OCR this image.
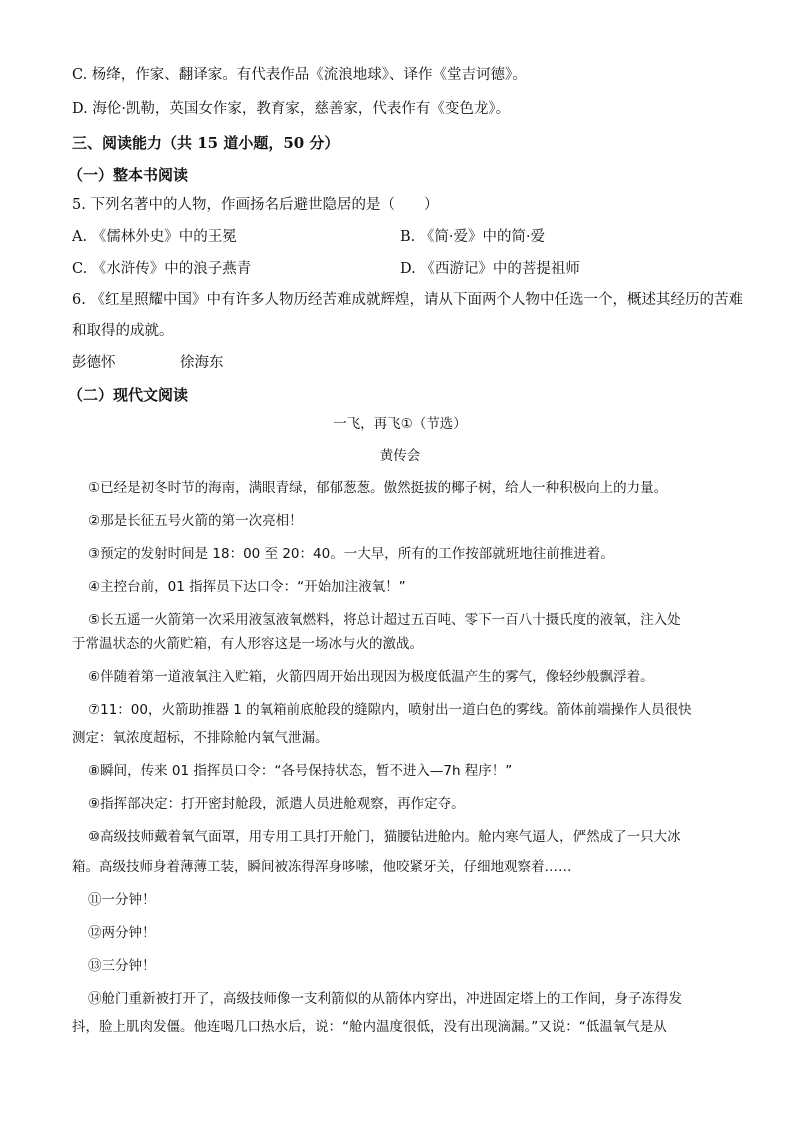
C. 杨绛，作家、翻译家。有代表作品《流浪地球》、译作《堂吉诃德》。
D. 海伦·凯勒，英国女作家，教育家，慈善家，代表作有《变色龙》。
三、阅读能力（共 15 道小题，50 分）
（一）整本书阅读
5. 下列名著中的人物，作画扬名后避世隐居的是（　　）
A. 《儒林外史》中的王冕	B. 《简·爱》中的简·爱
C. 《水浒传》中的浪子燕青	D. 《西游记》中的菩提祖师
6. 《红星照耀中国》中有许多人物历经苦难成就辉煌，请从下面两个人物中任选一个，概述其经历的苦难
和取得的成就。
彭德怀	徐海东
（二）现代文阅读
一飞，再飞①（节选）
黄传会
①已经是初冬时节的海南，满眼青绿，郁郁葱葱。傲然挺拔的椰子树，给人一种积极向上的力量。
②那是长征五号火箭的第一次亮相！
③预定的发射时间是 18：00 至 20：40。一大早，所有的工作按部就班地往前推进着。
④主控台前，01 指挥员下达口令：“开始加注液氧！”
⑤长五遥一火箭第一次采用液氢液氧燃料，将总计超过五百吨、零下一百八十摄氏度的液氧，注入处
于常温状态的火箭贮箱，有人形容这是一场冰与火的激战。
⑥伴随着第一道液氧注入贮箱，火箭四周开始出现因为极度低温产生的雾气，像轻纱般飘浮着。
⑦11：00，火箭助推器 1 的氧箱前底舱段的缝隙内，喷射出一道白色的雾线。箭体前端操作人员很快
测定：氧浓度超标，不排除舱内氧气泄漏。
⑧瞬间，传来 01 指挥员口令：“各号保持状态，暂不进入—7h 程序！”
⑨指挥部决定：打开密封舱段，派遣人员进舱观察，再作定夺。
⑩高级技师戴着氧气面罩，用专用工具打开舱门，猫腰钻进舱内。舱内寒气逼人，俨然成了一只大冰
箱。高级技师身着薄薄工装，瞬间被冻得浑身哆嗦，他咬紧牙关，仔细地观察着……
⑪一分钟！
⑫两分钟！
⑬三分钟！
⑭舱门重新被打开了，高级技师像一支利箭似的从箭体内穿出，冲进固定塔上的工作间，身子冻得发
抖，脸上肌肉发僵。他连喝几口热水后，说：“舱内温度很低，没有出现滴漏。”又说：“低温氧气是从
